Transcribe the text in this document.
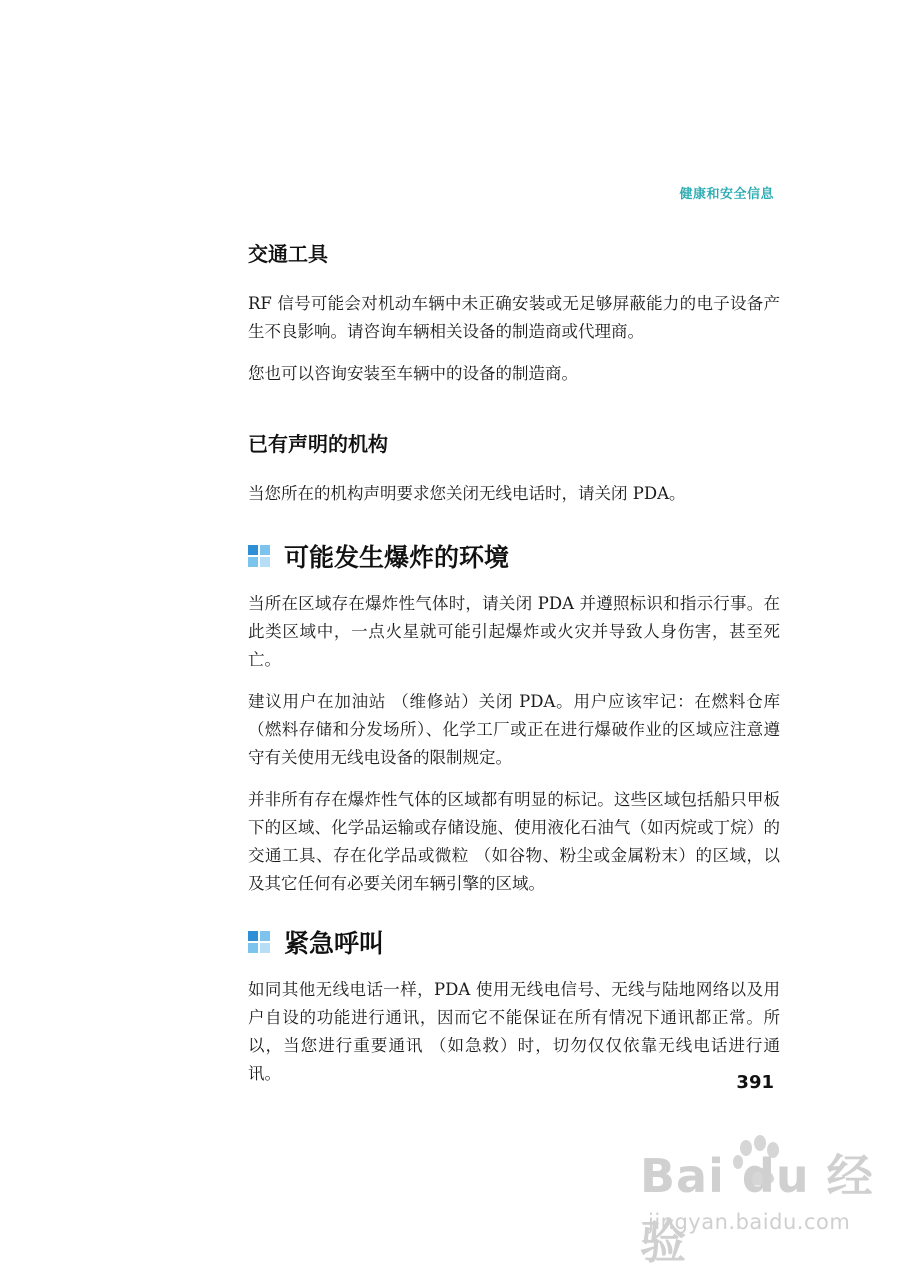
健康和安全信息
交通工具

RF 信号可能会对机动车辆中未正确安装或无足够屏蔽能力的电子设备产生不良影响。请咨询车辆相关设备的制造商或代理商。

您也可以咨询安装至车辆中的设备的制造商。

已有声明的机构

当您所在的机构声明要求您关闭无线电话时，请关闭 PDA。

可能发生爆炸的环境

当所在区域存在爆炸性气体时，请关闭 PDA 并遵照标识和指示行事。在此类区域中，一点火星就可能引起爆炸或火灾并导致人身伤害，甚至死亡。

建议用户在加油站 （维修站）关闭 PDA。用户应该牢记：在燃料仓库 （燃料存储和分发场所）、化学工厂或正在进行爆破作业的区域应注意遵守有关使用无线电设备的限制规定。

并非所有存在爆炸性气体的区域都有明显的标记。这些区域包括船只甲板下的区域、化学品运输或存储设施、使用液化石油气（如丙烷或丁烷）的交通工具、存在化学品或微粒 （如谷物、粉尘或金属粉末）的区域，以及其它任何有必要关闭车辆引擎的区域。

紧急呼叫

如同其他无线电话一样，PDA 使用无线电信号、无线与陆地网络以及用户自设的功能进行通讯，因而它不能保证在所有情况下通讯都正常。所以，当您进行重要通讯 （如急救）时，切勿仅仅依靠无线电话进行通讯。	391
Bai du 经验
jingyan.baidu.com
